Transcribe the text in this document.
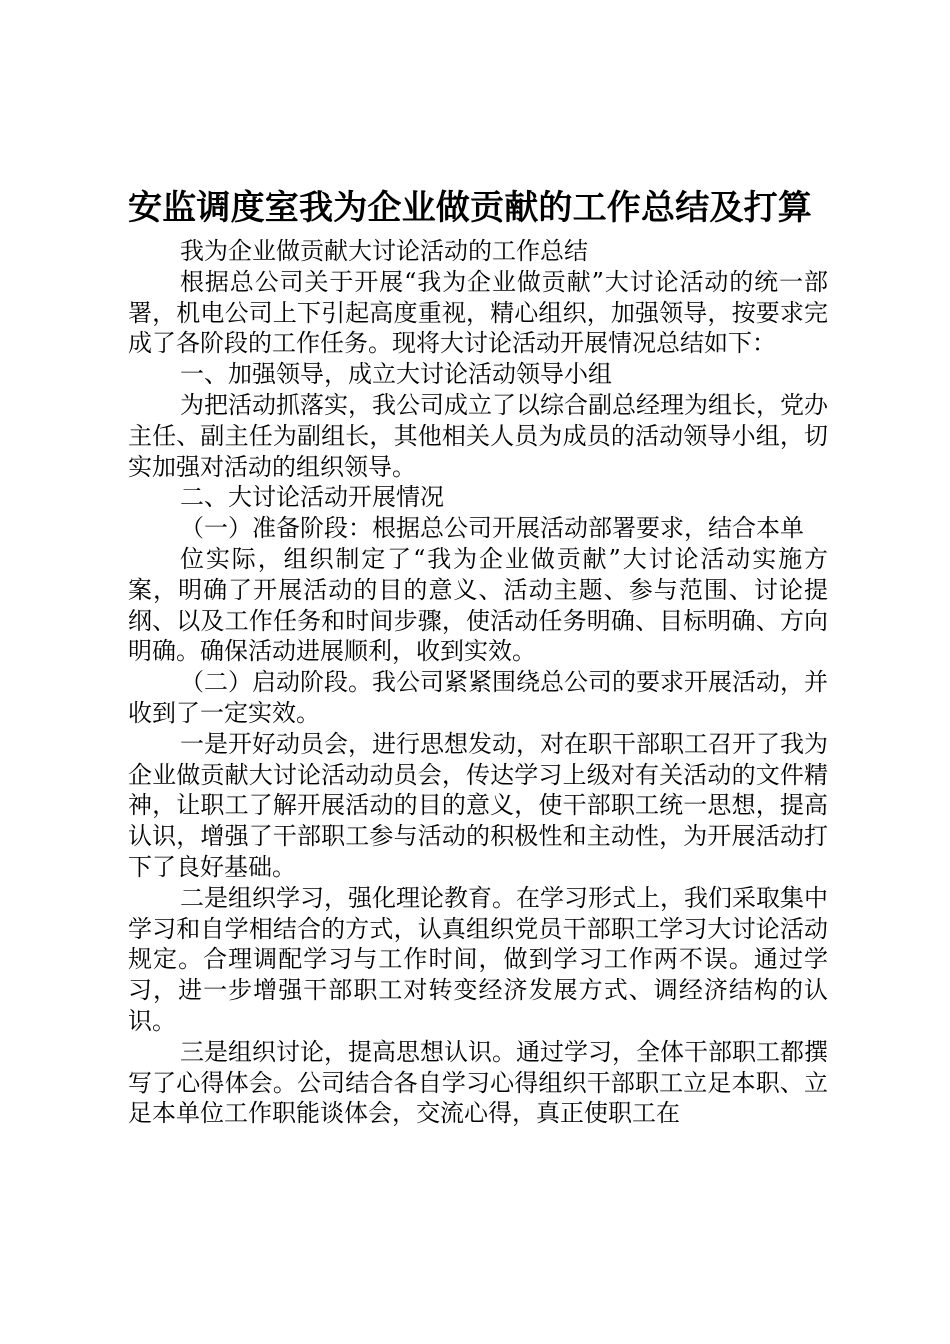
安监调度室我为企业做贡献的工作总结及打算

我为企业做贡献大讨论活动的工作总结

根据总公司关于开展“我为企业做贡献”大讨论活动的统一部署，机电公司上下引起高度重视，精心组织，加强领导，按要求完成了各阶段的工作任务。现将大讨论活动开展情况总结如下：

一、加强领导，成立大讨论活动领导小组

为把活动抓落实，我公司成立了以综合副总经理为组长，党办主任、副主任为副组长，其他相关人员为成员的活动领导小组，切实加强对活动的组织领导。

二、大讨论活动开展情况

（一）准备阶段：根据总公司开展活动部署要求，结合本单

位实际，组织制定了“我为企业做贡献”大讨论活动实施方案，明确了开展活动的目的意义、活动主题、参与范围、讨论提纲、以及工作任务和时间步骤，使活动任务明确、目标明确、方向明确。确保活动进展顺利，收到实效。

（二）启动阶段。我公司紧紧围绕总公司的要求开展活动，并收到了一定实效。

一是开好动员会，进行思想发动，对在职干部职工召开了我为企业做贡献大讨论活动动员会，传达学习上级对有关活动的文件精神，让职工了解开展活动的目的意义，使干部职工统一思想，提高认识，增强了干部职工参与活动的积极性和主动性，为开展活动打下了良好基础。

二是组织学习，强化理论教育。在学习形式上，我们采取集中学习和自学相结合的方式，认真组织党员干部职工学习大讨论活动规定。合理调配学习与工作时间，做到学习工作两不误。通过学习，进一步增强干部职工对转变经济发展方式、调经济结构的认识。

三是组织讨论，提高思想认识。通过学习，全体干部职工都撰写了心得体会。公司结合各自学习心得组织干部职工立足本职、立足本单位工作职能谈体会，交流心得，真正使职工在
